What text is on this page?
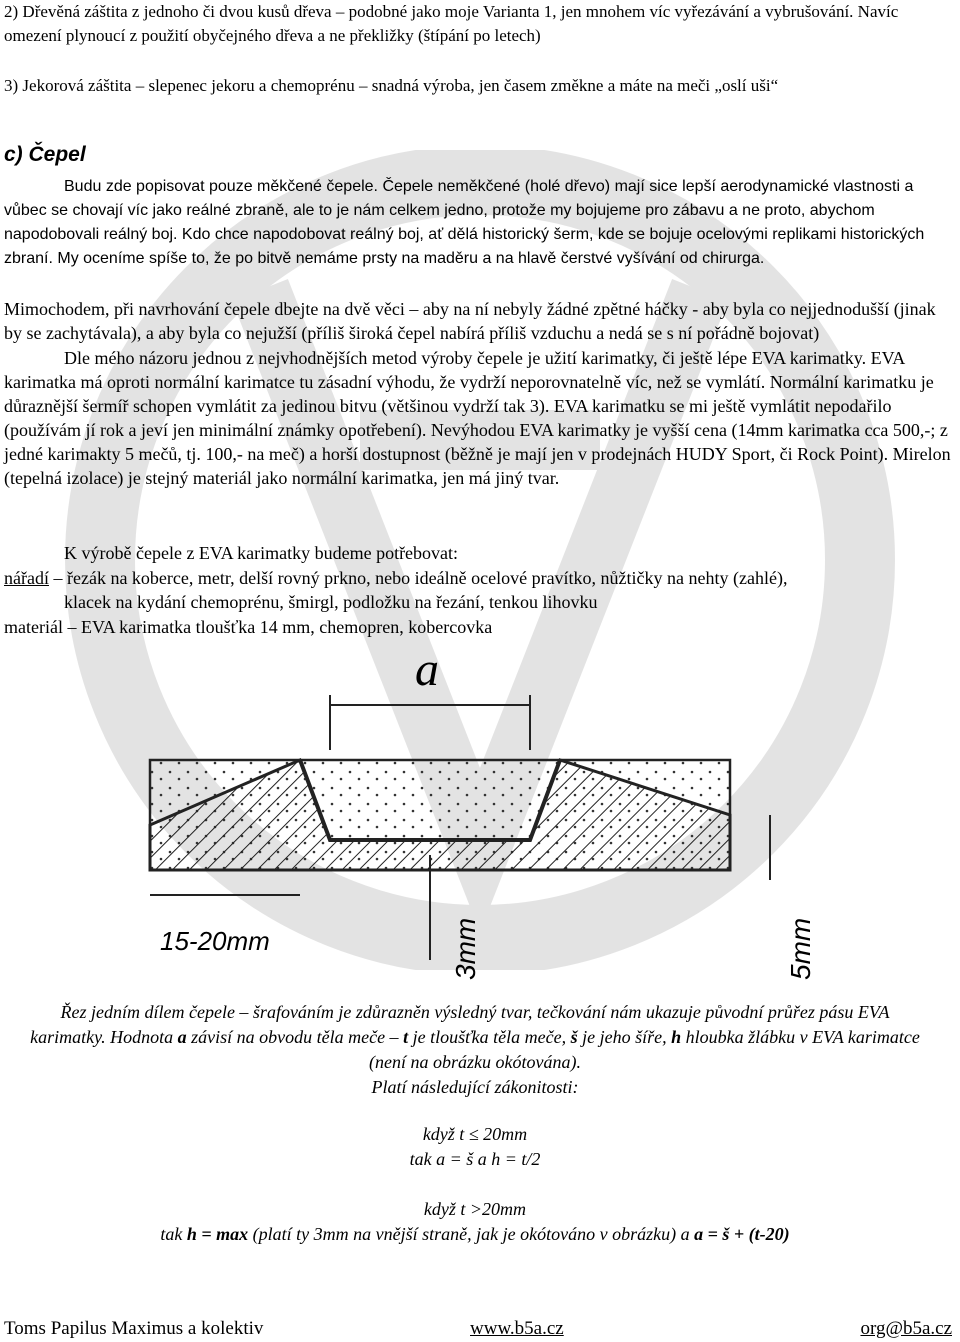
2) Dřevěná záštita z jednoho či dvou kusů dřeva – podobné jako moje Varianta 1, jen mnohem víc vyřezávání a vybrušování. Navíc omezení plynoucí z použití obyčejného dřeva a ne překližky (štípání po letech)

3) Jekorová záštita – slepenec jekoru a chemoprénu – snadná výroba, jen časem změkne a máte na meči „oslí uši“

c) Čepel

Budu zde popisovat pouze měkčené čepele. Čepele neměkčené (holé dřevo) mají sice lepší aerodynamické vlastnosti a vůbec se chovají víc jako reálné zbraně, ale to je nám celkem jedno, protože my bojujeme pro zábavu a ne proto, abychom napodobovali reálný boj. Kdo chce napodobovat reálný boj, ať dělá historický šerm, kde se bojuje ocelovými replikami historických zbraní. My oceníme spíše to, že po bitvě nemáme prsty na maděru a na hlavě čerstvé vyšívání od chirurga.

Mimochodem, při navrhování čepele dbejte na dvě věci – aby na ní nebyly žádné zpětné háčky - aby byla co nejjednodušší (jinak by se zachytávala), a aby byla co nejužší (příliš široká čepel nabírá příliš vzduchu a nedá se s ní pořádně bojovat)

Dle mého názoru jednou z nejvhodnějších metod výroby čepele je užití karimatky, či ještě lépe EVA karimatky. EVA karimatka má oproti normální karimatce tu zásadní výhodu, že vydrží neporovnatelně víc, než se vymlátí. Normální karimatku je důraznější šermíř schopen vymlátit za jedinou bitvu (většinou vydrží tak 3). EVA karimatku se mi ještě vymlátit nepodařilo (používám jí rok a jeví jen minimální známky opotřebení). Nevýhodou EVA karimatky je vyšší cena (14mm karimatka cca 500,-; z jedné karimakty 5 mečů, tj. 100,- na meč) a horší dostupnost (běžně je mají jen v prodejnách HUDY Sport, či Rock Point). Mirelon (tepelná izolace) je stejný materiál jako normální karimatka, jen má jiný tvar.

K výrobě čepele z EVA karimatky budeme potřebovat:
nářadí – řezák na koberce, metr, delší rovný prkno, nebo ideálně ocelové pravítko, nůžtičky na nehty (zahlé),
klacek na kydání chemoprénu, šmirgl, podložku na řezání, tenkou lihovku
materiál – EVA karimatka tloušťka 14 mm, chemopren, kobercovka
a
15-20mm	3mm	5mm
Řez jedním dílem čepele – šrafováním je zdůrazněn výsledný tvar, tečkování nám ukazuje původní průřez pásu EVA karimatky. Hodnota a závisí na obvodu těla meče – t je tloušťka těla meče, š je jeho šíře, h hloubka žlábku v EVA karimatce (není na obrázku okótována).
Platí následující zákonitosti:
když t ≤ 20mm
tak a = š a h = t/2
když t >20mm
tak h = max (platí ty 3mm na vnější straně, jak je okótováno v obrázku) a a = š + (t-20)
Toms Papilus Maximus a kolektiv	www.b5a.cz	org@b5a.cz
